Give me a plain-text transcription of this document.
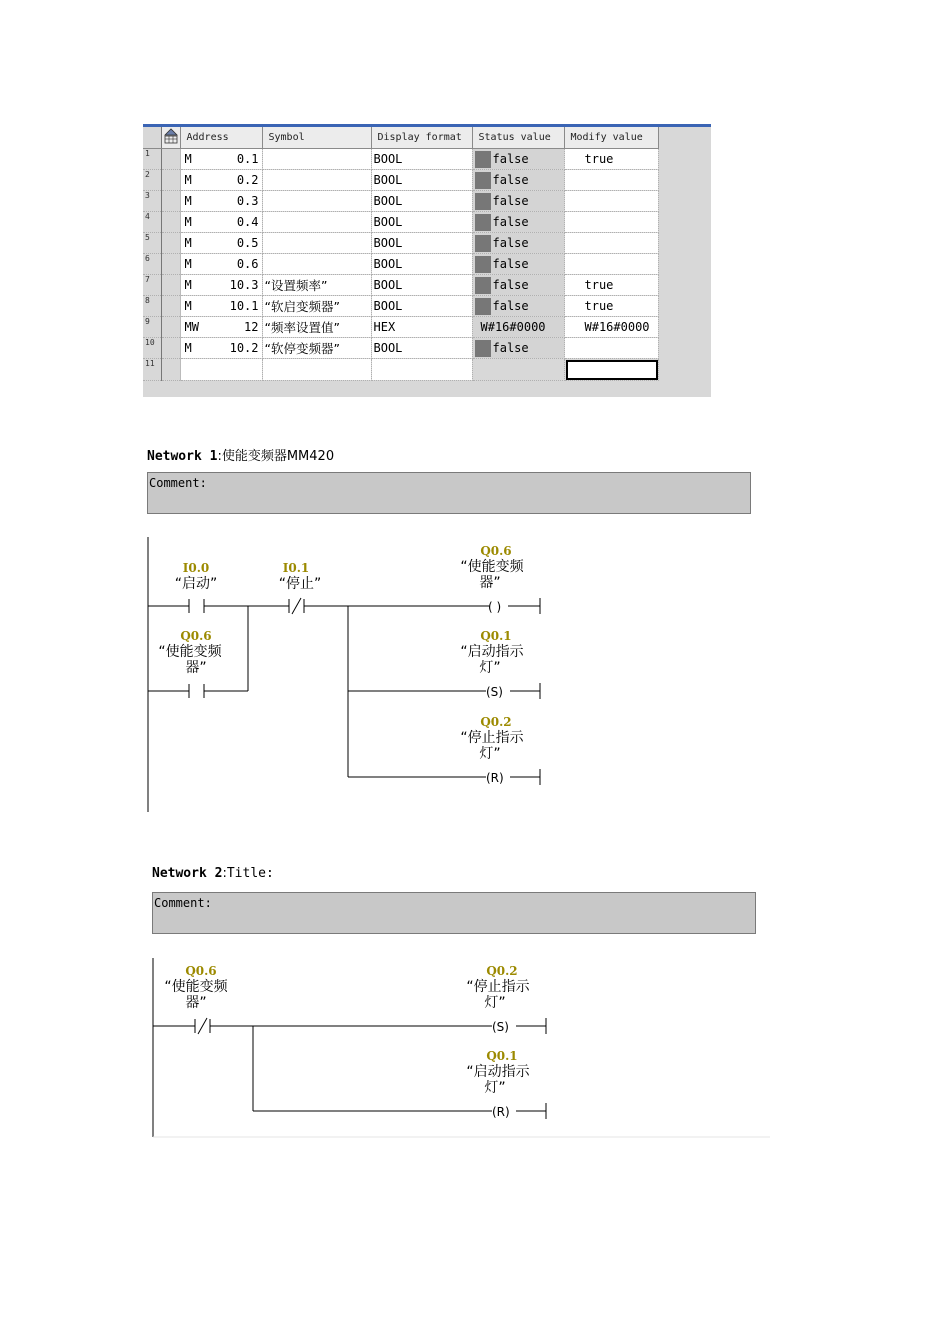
		Address	Symbol	Display format	Status value	Modify value
1		M 0.1		BOOL	false	true
2		M 0.2		BOOL	false	
3		M 0.3		BOOL	false	
4		M 0.4		BOOL	false	
5		M 0.5		BOOL	false	
6		M 0.6		BOOL	false	
7		M 10.3	“设置频率”	BOOL	false	true
8		M 10.1	“软启变频器”	BOOL	false	true
9		MW 12	“频率设置值”	HEX	W#16#0000	W#16#0000
10		M 10.2	“软停变频器”	BOOL	false	
11						
Network 1:使能变频器MM420
Comment:
( )
(S)
(R)
I0.0
“启动”
I0.1
“停止”
Q0.6
“使能变频
器”
Q0.6
“使能变频
器”
Q0.1
“启动指示
灯”
Q0.2
“停止指示
灯”
Network 2:Title:
Comment:
(S)
(R)
Q0.6
“使能变频
器”
Q0.2
“停止指示
灯”
Q0.1
“启动指示
灯”
